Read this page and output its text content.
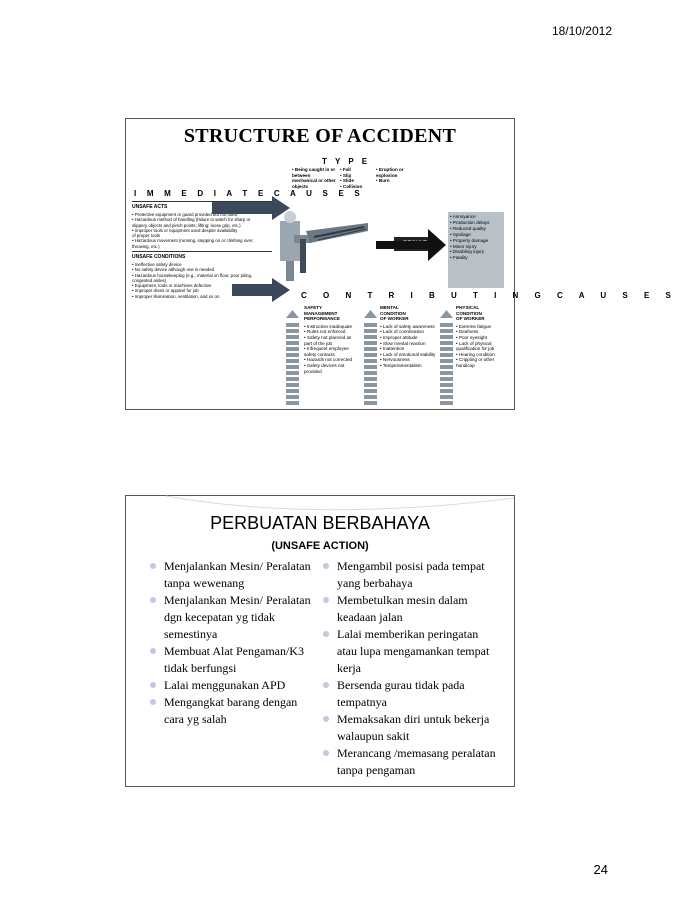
18/10/2012
STRUCTURE OF ACCIDENT
T Y P E
• Being caught in or between mechanical or other objects
• Fall
• Slip
• Slide
• Collision
• Eruption or explosion
• Burn
I M M E D I A T E C A U S E S
UNSAFE ACTS
• Protective equipment or guard provided but not used
• Hazardous method of handling (failure to watch for sharp or
slippery objects and pinch points; lifting; loose grip, etc.)
• Improper tools or equipment used despite availability
of proper tools
• Hazardous movement (running, stepping on or climbing over,
throwing, etc.)
UNSAFE CONDITIONS
• Ineffective safety device
• No safety device although one is needed
• Hazardous housekeeping (e.g., material on floor, poor piling,
congested aisles)
• Equipment, tools or machines defective
• Improper dress or apparel for job
• Improper illumination, ventilation, and so on
• Annoyance
• Production delays
• Reduced quality
• Spoilage
• Property damage
• Minor injury
• Disabling injury
• Fatality
C O N T R I B U T I N G C A U S E S
SAFETY
MANAGEMENT
PERFORMANCE
• Instruction inadequate
• Rules not enforced
• Safety not planned as
part of the job
• Infrequent employee
safety contacts
• Hazards not corrected
• Safety devices not
provided
MENTAL
CONDITION
OF WORKER
• Lack of safety awareness
• Lack of coordination
• Improper attitude
• Slow mental reaction
• Inattention
• Lack of emotional stability
• Nervousness
• Temperamentalism
PHYSICAL
CONDITION
OF WORKER
• Extreme fatigue
• Deafness
• Poor eyesight
• Lack of physical
qualification for job
• Hearing condition
• Crippling or other
handicap
PERBUATAN BERBAHAYA
(UNSAFE ACTION)
Menjalankan Mesin/ Peralatan tanpa wewenang
Menjalankan Mesin/ Peralatan dgn kecepatan yg tidak semestinya
Membuat Alat Pengaman/K3 tidak berfungsi
Lalai menggunakan APD
Mengangkat barang dengan cara yg salah
Mengambil posisi pada tempat yang berbahaya
Membetulkan mesin dalam keadaan jalan
Lalai memberikan peringatan atau lupa mengamankan tempat kerja
Bersenda gurau tidak pada tempatnya
Memaksakan diri untuk bekerja walaupun sakit
Merancang /memasang peralatan tanpa pengaman
24
